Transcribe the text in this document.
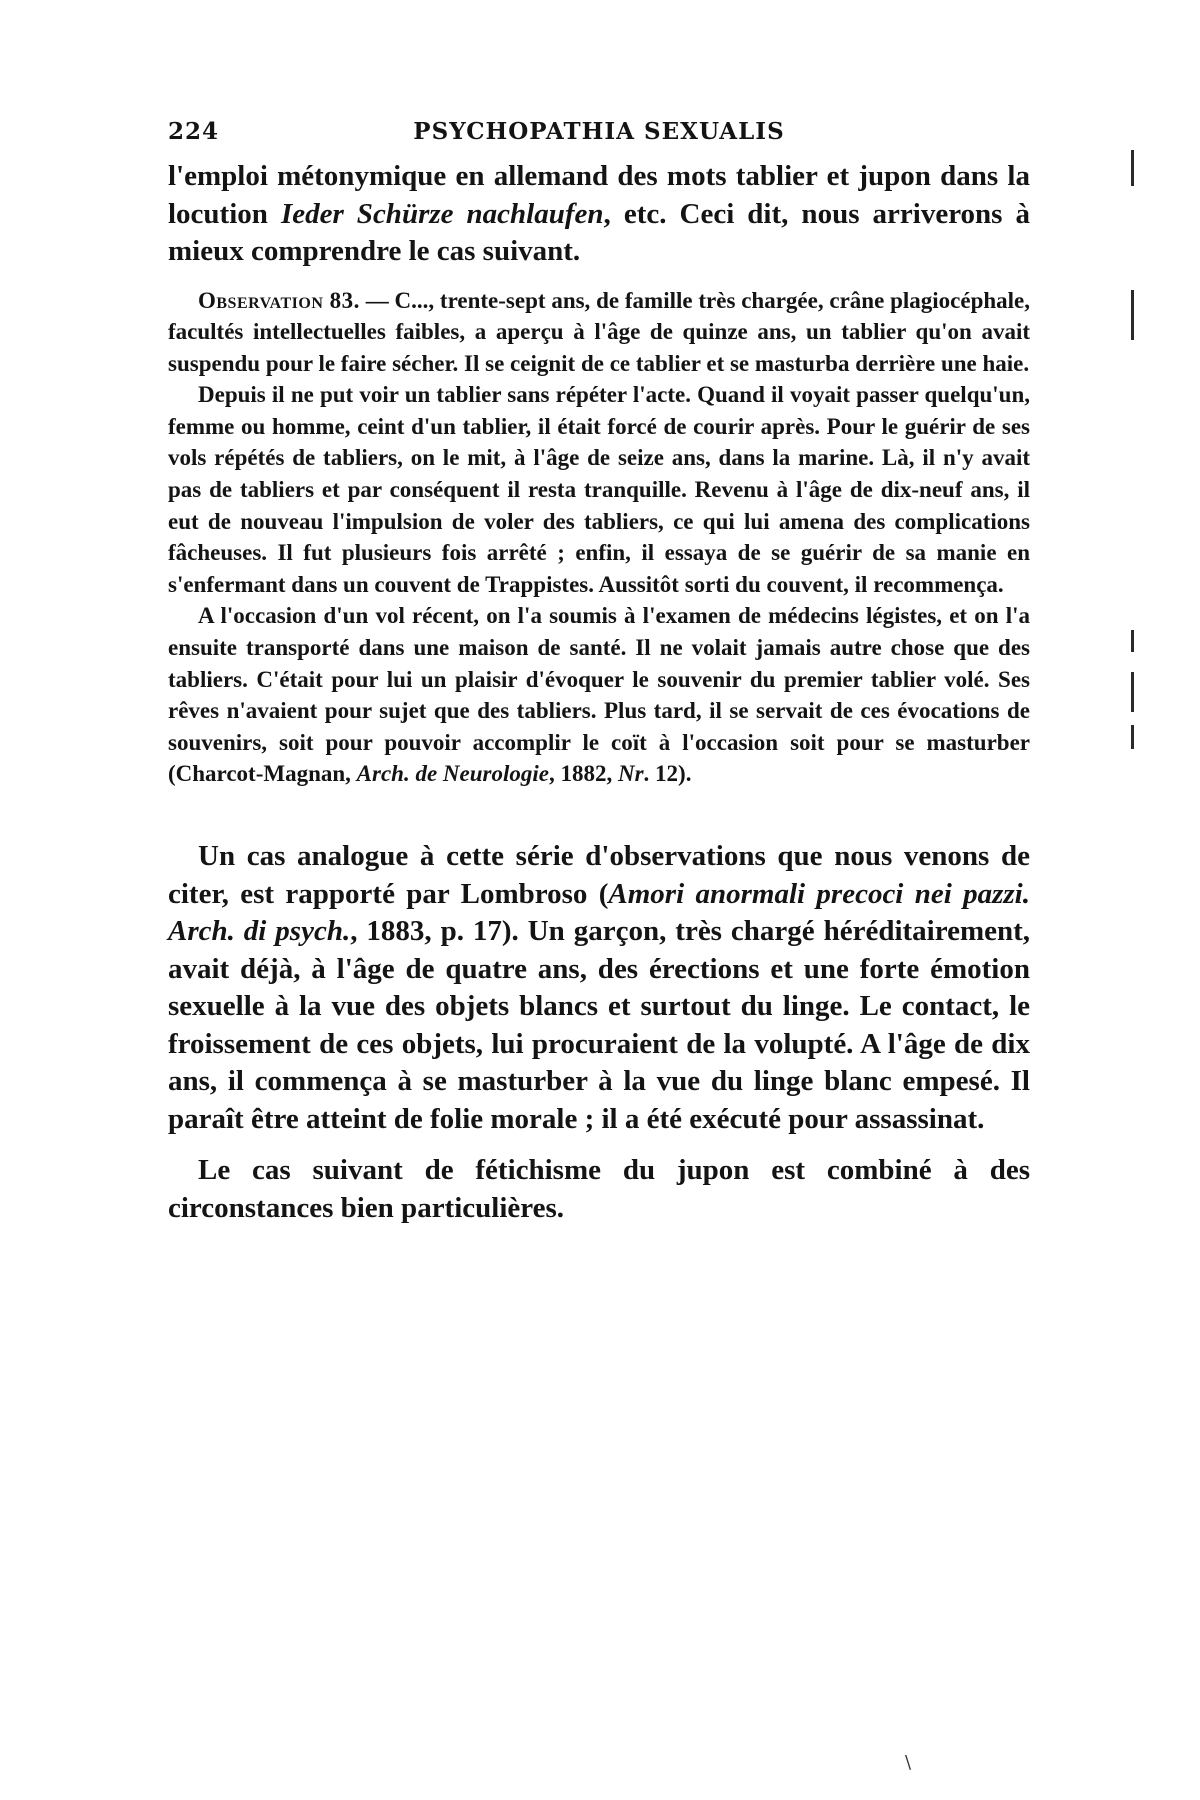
224	PSYCHOPATHIA SEXUALIS

l'emploi métonymique en allemand des mots tablier et jupon dans la locution Ieder Schürze nachlaufen, etc. Ceci dit, nous arriverons à mieux comprendre le cas suivant.

Observation 83. — C..., trente-sept ans, de famille très chargée, crâne plagiocéphale, facultés intellectuelles faibles, a aperçu à l'âge de quinze ans, un tablier qu'on avait suspendu pour le faire sécher. Il se ceignit de ce tablier et se masturba derrière une haie.

Depuis il ne put voir un tablier sans répéter l'acte. Quand il voyait passer quelqu'un, femme ou homme, ceint d'un tablier, il était forcé de courir après. Pour le guérir de ses vols répétés de tabliers, on le mit, à l'âge de seize ans, dans la marine. Là, il n'y avait pas de tabliers et par conséquent il resta tranquille. Revenu à l'âge de dix-neuf ans, il eut de nouveau l'impulsion de voler des tabliers, ce qui lui amena des complications fâcheuses. Il fut plusieurs fois arrêté ; enfin, il essaya de se guérir de sa manie en s'enfermant dans un couvent de Trappistes. Aussitôt sorti du couvent, il recommença.

A l'occasion d'un vol récent, on l'a soumis à l'examen de médecins légistes, et on l'a ensuite transporté dans une maison de santé. Il ne volait jamais autre chose que des tabliers. C'était pour lui un plaisir d'évoquer le souvenir du premier tablier volé. Ses rêves n'avaient pour sujet que des tabliers. Plus tard, il se servait de ces évocations de souvenirs, soit pour pouvoir accomplir le coït à l'occasion soit pour se masturber (Charcot-Magnan, Arch. de Neurologie, 1882, Nr. 12).

Un cas analogue à cette série d'observations que nous venons de citer, est rapporté par Lombroso (Amori anormali precoci nei pazzi. Arch. di psych., 1883, p. 17). Un garçon, très chargé héréditairement, avait déjà, à l'âge de quatre ans, des érections et une forte émotion sexuelle à la vue des objets blancs et surtout du linge. Le contact, le froissement de ces objets, lui procuraient de la volupté. A l'âge de dix ans, il commença à se masturber à la vue du linge blanc empesé. Il paraît être atteint de folie morale ; il a été exécuté pour assassinat.

Le cas suivant de fétichisme du jupon est combiné à des circonstances bien particulières.

\
